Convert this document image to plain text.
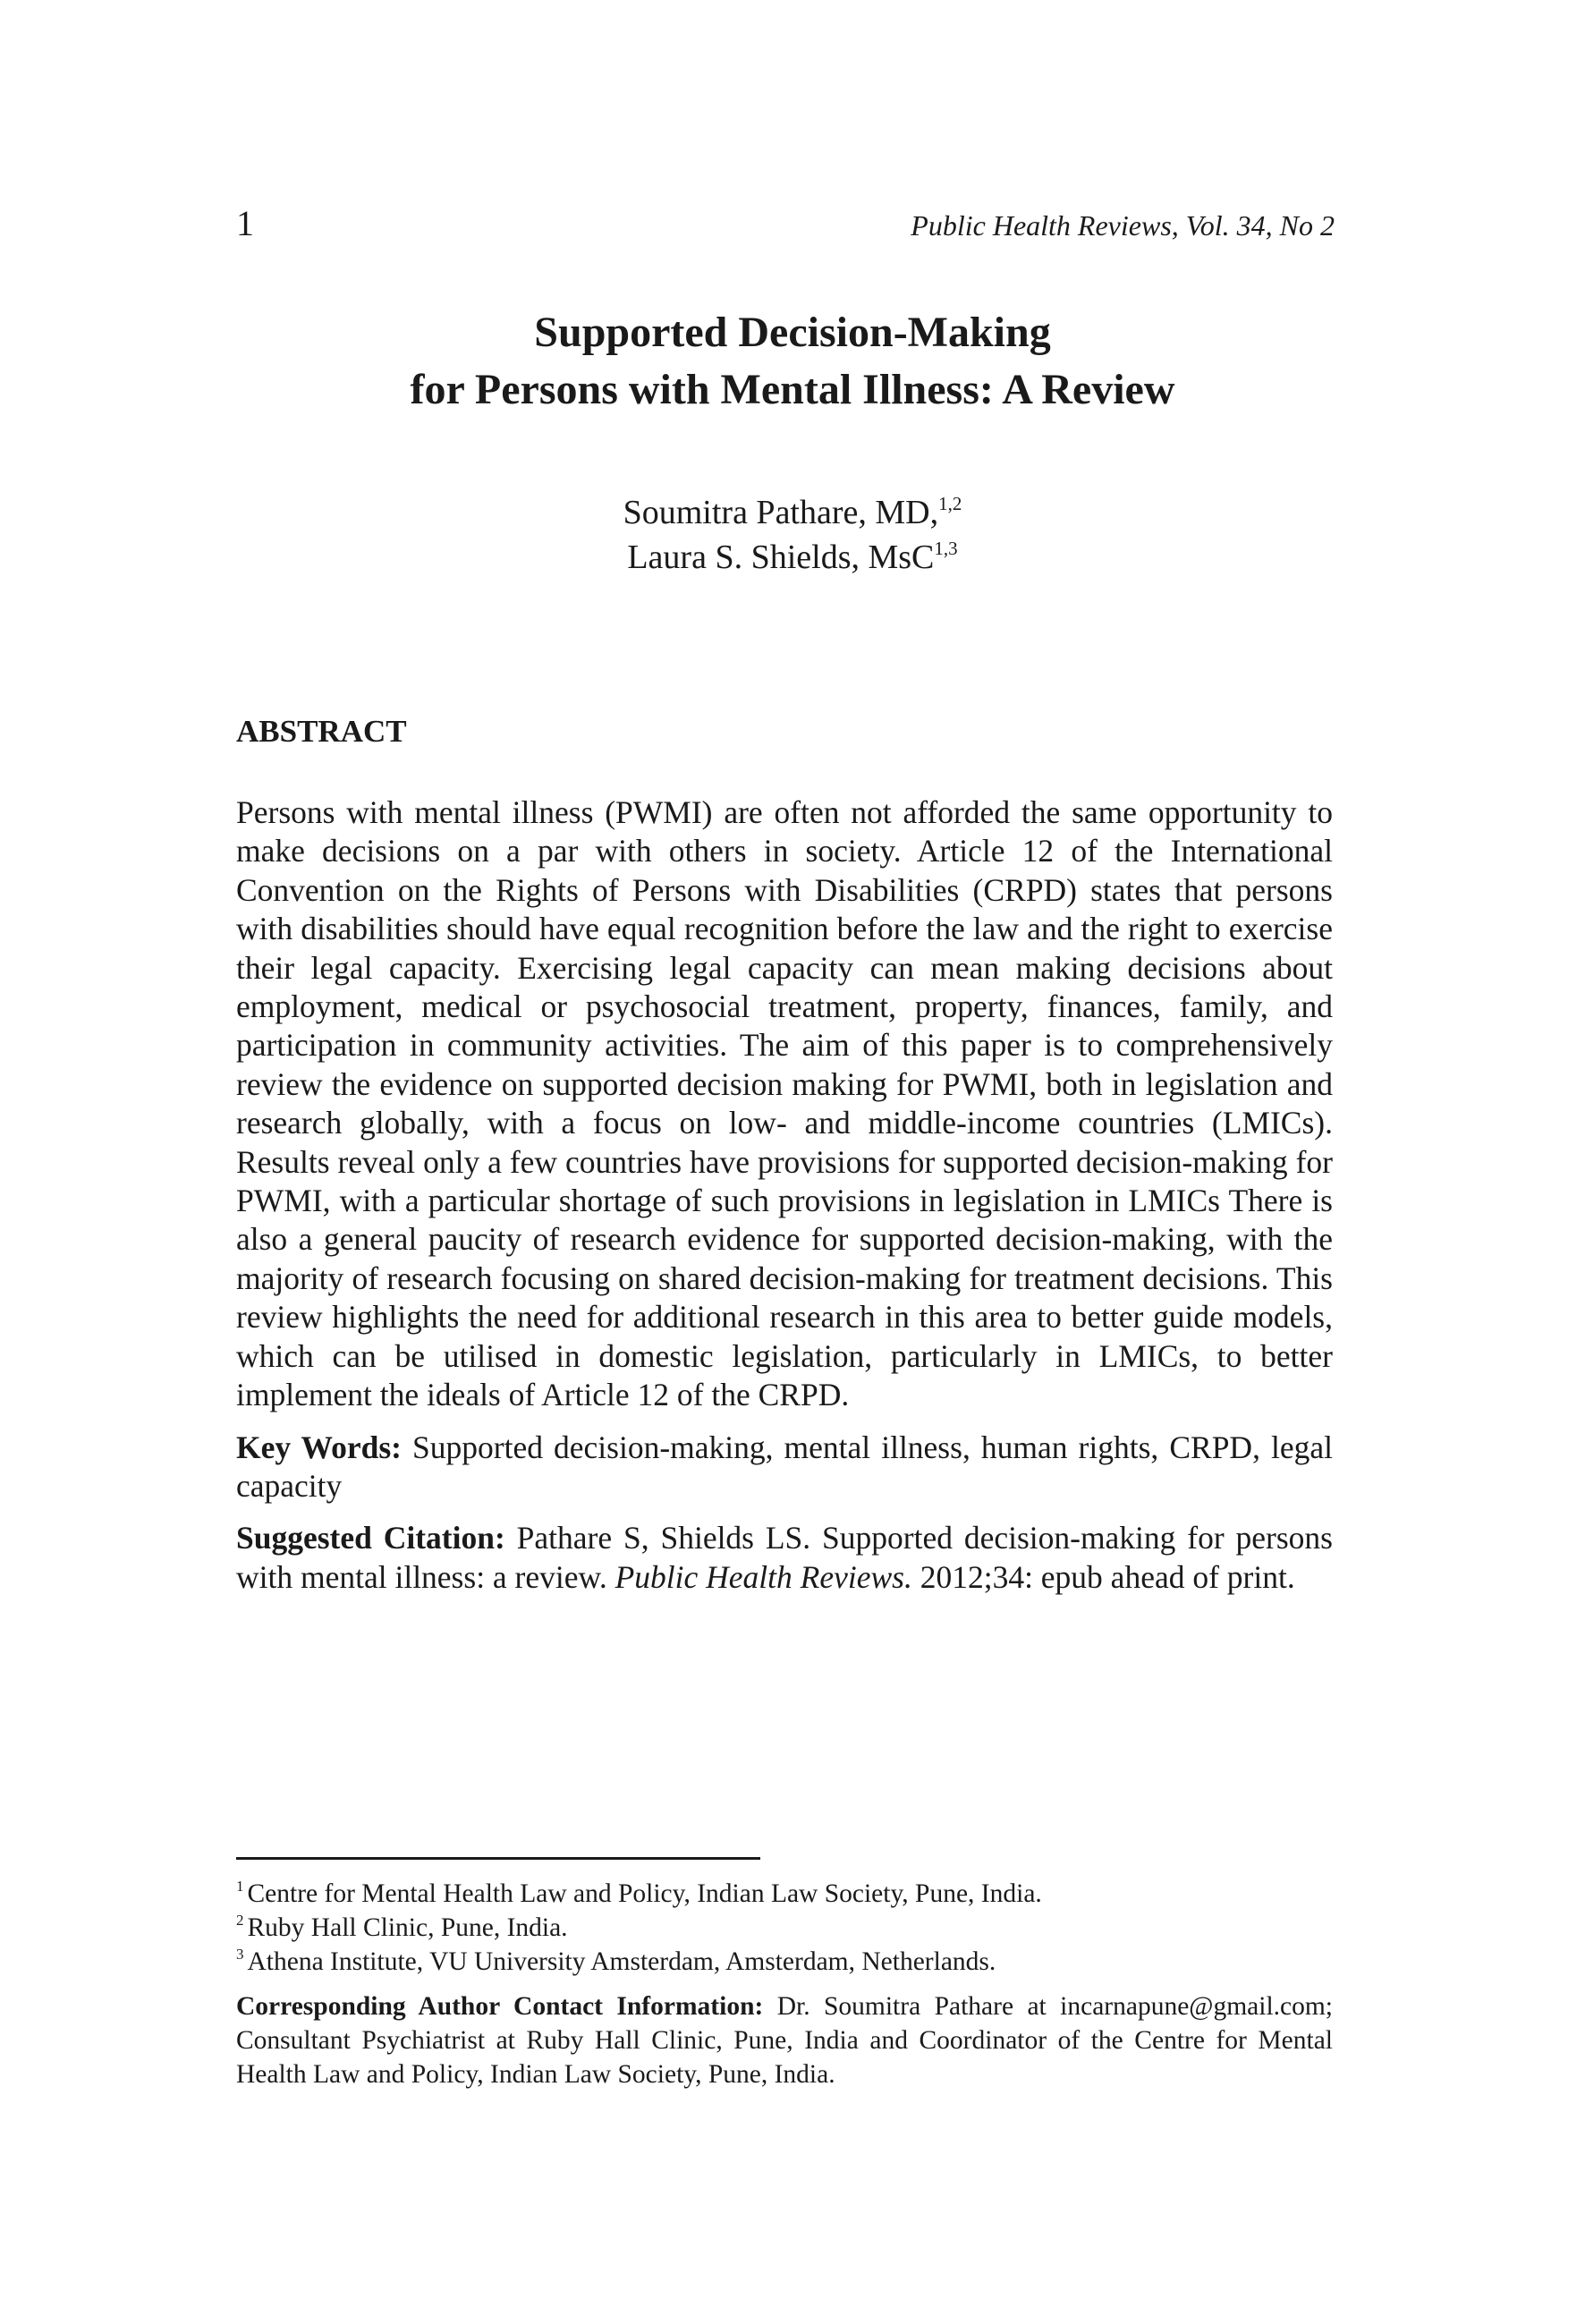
1	Public Health Reviews, Vol. 34, No 2
Supported Decision-Making
for Persons with Mental Illness: A Review
Soumitra Pathare, MD,$^{1,2}$
Laura S. Shields, MsC$^{1,3}$
ABSTRACT

Persons with mental illness (PWMI) are often not afforded the same opportunity to make decisions on a par with others in society. Article 12 of the International Convention on the Rights of Persons with Disabilities (CRPD) states that persons with disabilities should have equal recognition before the law and the right to exercise their legal capacity. Exercising legal capacity can mean making decisions about employment, medical or psychosocial treatment, property, finances, family, and participation in community activities. The aim of this paper is to comprehensively review the evidence on supported decision making for PWMI, both in legislation and research globally, with a focus on low- and middle-income countries (LMICs). Results reveal only a few countries have provisions for supported decision-making for PWMI, with a particular shortage of such provisions in legislation in LMICs There is also a general paucity of research evidence for supported decision-making, with the majority of research focusing on shared decision-making for treatment decisions. This review highlights the need for additional research in this area to better guide models, which can be utilised in domestic legislation, particularly in LMICs, to better implement the ideals of Article 12 of the CRPD.

Key Words: Supported decision-making, mental illness, human rights, CRPD, legal capacity

Suggested Citation: Pathare S, Shields LS. Supported decision-making for persons with mental illness: a review. Public Health Reviews. 2012;34: epub ahead of print.

$^1$ Centre for Mental Health Law and Policy, Indian Law Society, Pune, India.
$^2$ Ruby Hall Clinic, Pune, India.
$^3$ Athena Institute, VU University Amsterdam, Amsterdam, Netherlands.
Corresponding Author Contact Information: Dr. Soumitra Pathare at incarnapune@gmail.com; Consultant Psychiatrist at Ruby Hall Clinic, Pune, India and Coordinator of the Centre for Mental Health Law and Policy, Indian Law Society, Pune, India.
